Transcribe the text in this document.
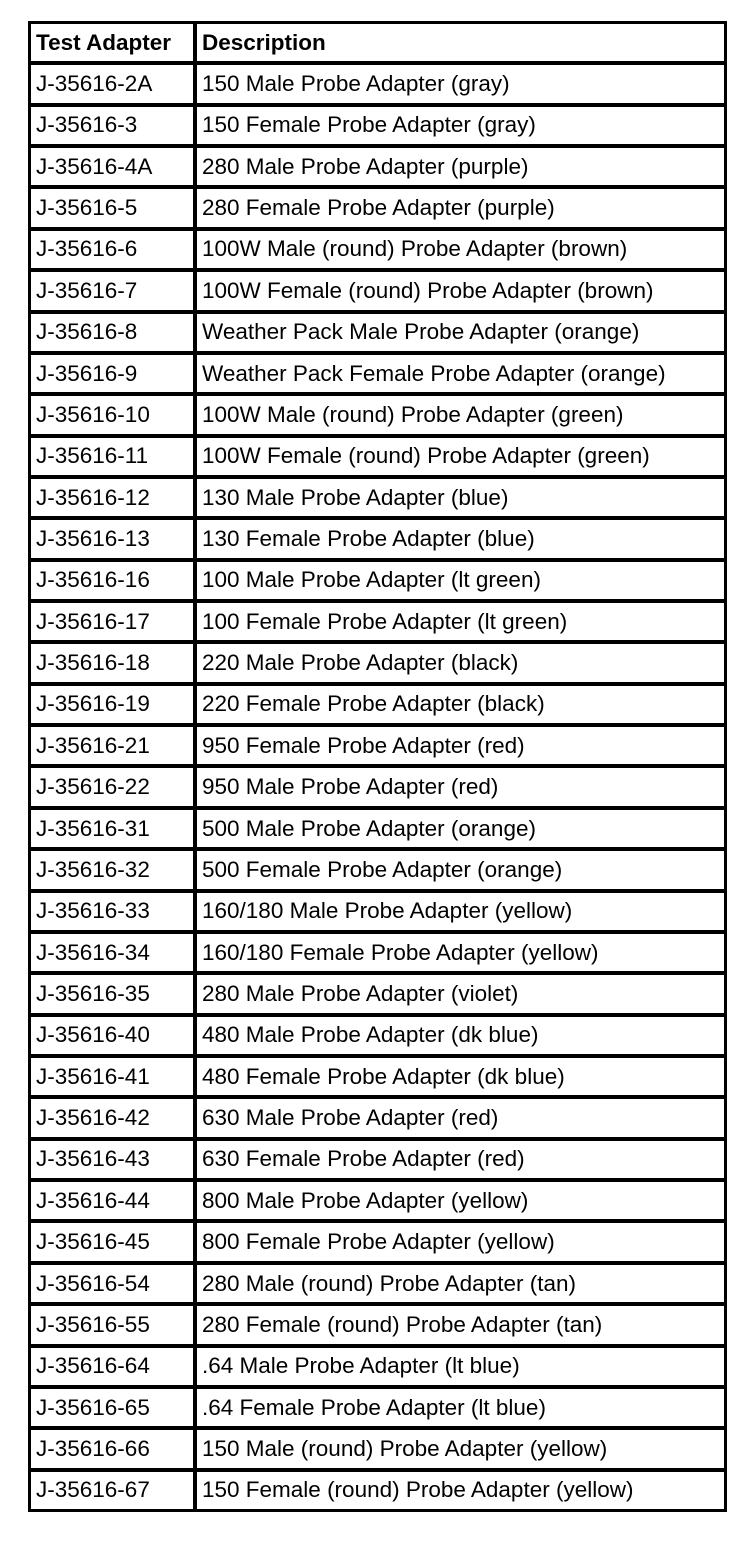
Test Adapter	Description
J-35616-2A	150 Male Probe Adapter (gray)
J-35616-3	150 Female Probe Adapter (gray)
J-35616-4A	280 Male Probe Adapter (purple)
J-35616-5	280 Female Probe Adapter (purple)
J-35616-6	100W Male (round) Probe Adapter (brown)
J-35616-7	100W Female (round) Probe Adapter (brown)
J-35616-8	Weather Pack Male Probe Adapter (orange)
J-35616-9	Weather Pack Female Probe Adapter (orange)
J-35616-10	100W Male (round) Probe Adapter (green)
J-35616-11	100W Female (round) Probe Adapter (green)
J-35616-12	130 Male Probe Adapter (blue)
J-35616-13	130 Female Probe Adapter (blue)
J-35616-16	100 Male Probe Adapter (lt green)
J-35616-17	100 Female Probe Adapter (lt green)
J-35616-18	220 Male Probe Adapter (black)
J-35616-19	220 Female Probe Adapter (black)
J-35616-21	950 Female Probe Adapter (red)
J-35616-22	950 Male Probe Adapter (red)
J-35616-31	500 Male Probe Adapter (orange)
J-35616-32	500 Female Probe Adapter (orange)
J-35616-33	160/180 Male Probe Adapter (yellow)
J-35616-34	160/180 Female Probe Adapter (yellow)
J-35616-35	280 Male Probe Adapter (violet)
J-35616-40	480 Male Probe Adapter (dk blue)
J-35616-41	480 Female Probe Adapter (dk blue)
J-35616-42	630 Male Probe Adapter (red)
J-35616-43	630 Female Probe Adapter (red)
J-35616-44	800 Male Probe Adapter (yellow)
J-35616-45	800 Female Probe Adapter (yellow)
J-35616-54	280 Male (round) Probe Adapter (tan)
J-35616-55	280 Female (round) Probe Adapter (tan)
J-35616-64	.64 Male Probe Adapter (lt blue)
J-35616-65	.64 Female Probe Adapter (lt blue)
J-35616-66	150 Male (round) Probe Adapter (yellow)
J-35616-67	150 Female (round) Probe Adapter (yellow)
